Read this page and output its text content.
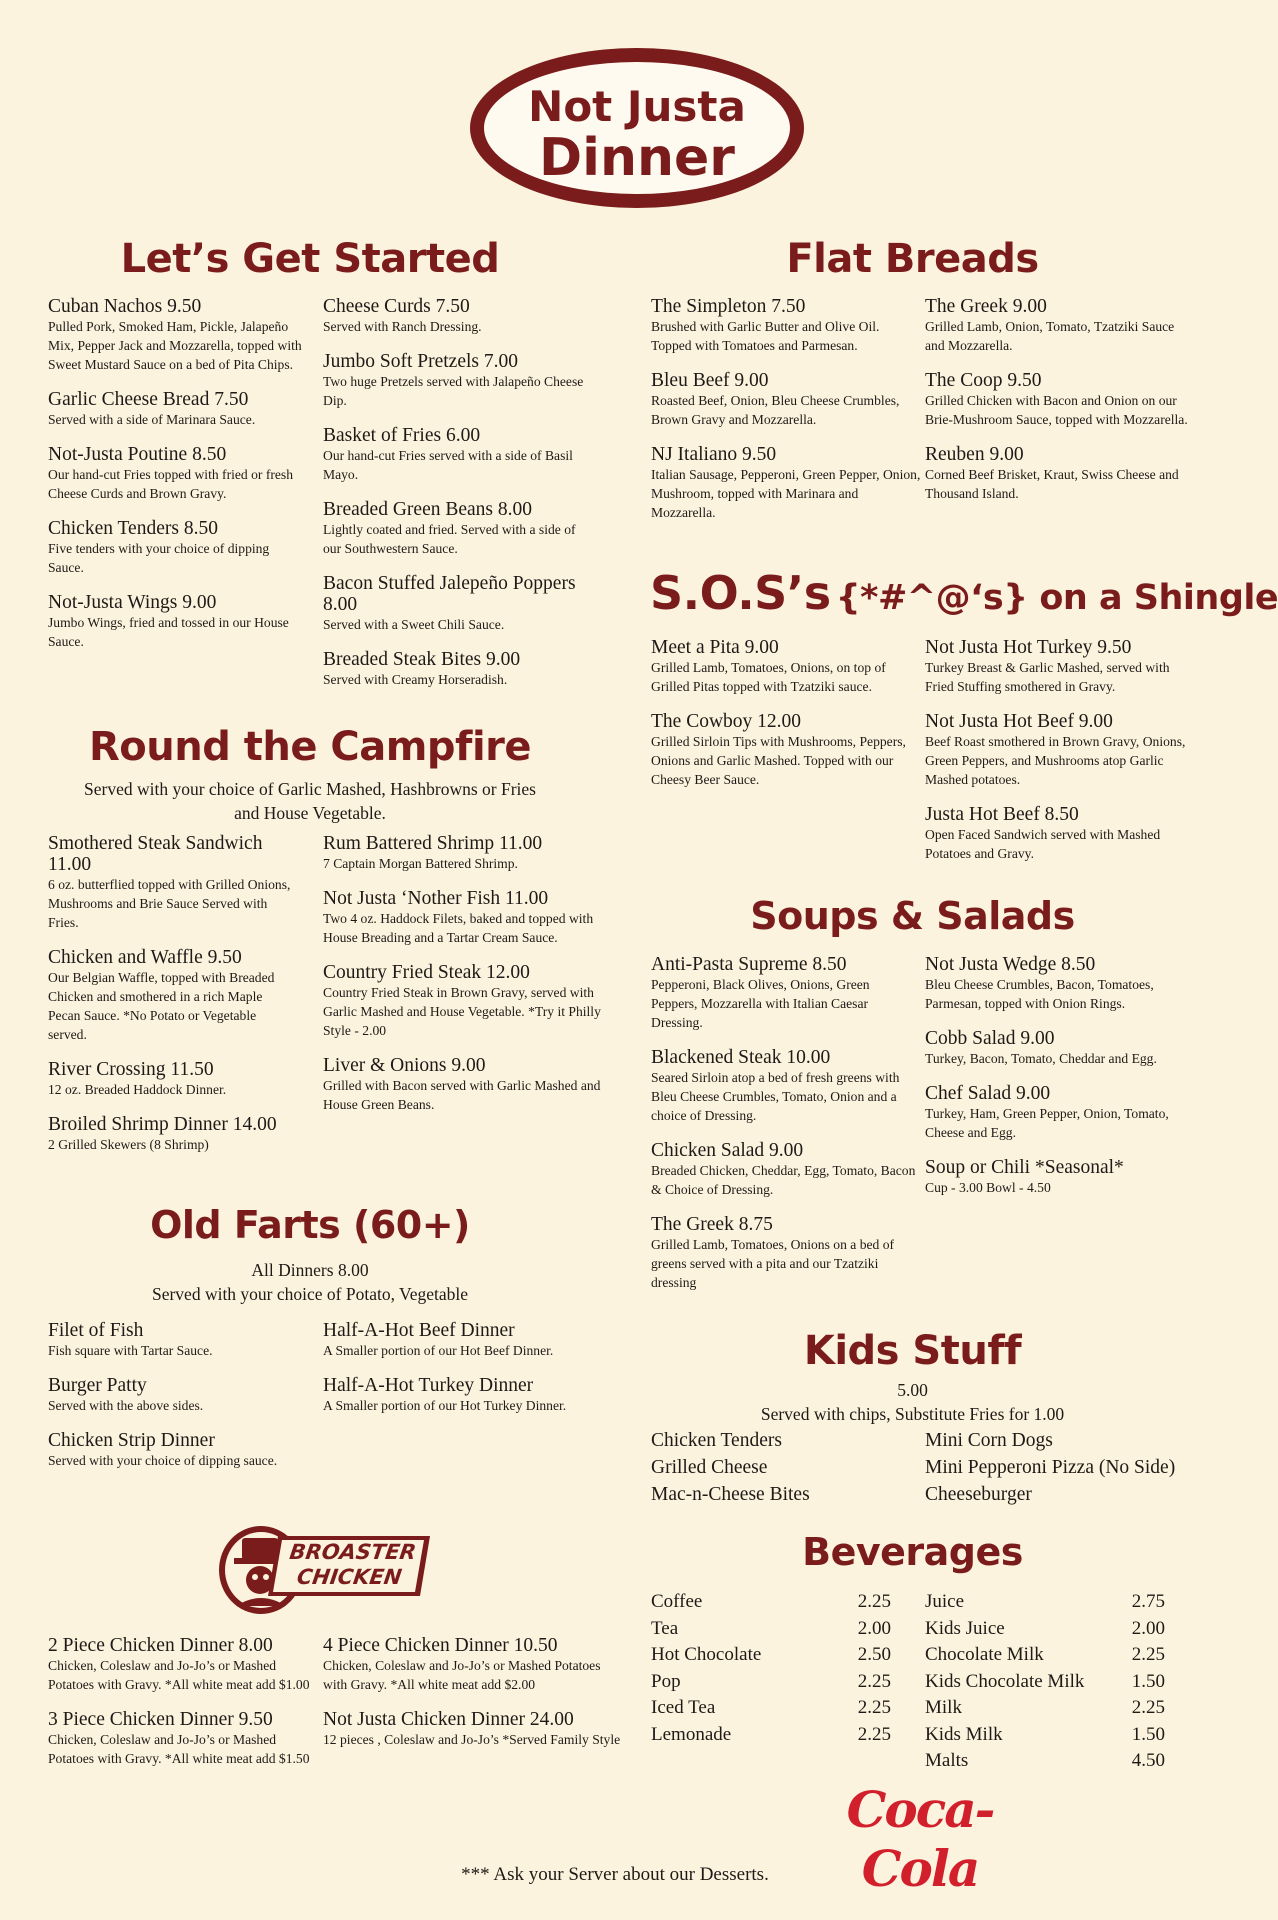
Not Justa
Dinner
Let’s Get Started
Cuban Nachos 9.50
Pulled Pork, Smoked Ham, Pickle, Jalapeño Mix, Pepper Jack and Mozzarella, topped with Sweet Mustard Sauce on a bed of Pita Chips.
Garlic Cheese Bread 7.50
Served with a side of Marinara Sauce.
Not-Justa Poutine 8.50
Our hand-cut Fries topped with fried or fresh Cheese Curds and Brown Gravy.
Chicken Tenders 8.50
Five tenders with your choice of dipping Sauce.
Not-Justa Wings 9.00
Jumbo Wings, fried and tossed in our House Sauce.
Cheese Curds 7.50
Served with Ranch Dressing.
Jumbo Soft Pretzels 7.00
Two huge Pretzels served with Jalapeño Cheese Dip.
Basket of Fries 6.00
Our hand-cut Fries served with a side of Basil Mayo.
Breaded Green Beans 8.00
Lightly coated and fried. Served with a side of our Southwestern Sauce.
Bacon Stuffed Jalepeño Poppers 8.00
Served with a Sweet Chili Sauce.
Breaded Steak Bites 9.00
Served with Creamy Horseradish.
Round the Campfire
Served with your choice of Garlic Mashed, Hashbrowns or Fries
and House Vegetable.
Smothered Steak Sandwich 11.00
6 oz. butterflied topped with Grilled Onions, Mushrooms and Brie Sauce Served with Fries.
Chicken and Waffle 9.50
Our Belgian Waffle, topped with Breaded Chicken and smothered in a rich Maple Pecan Sauce. *No Potato or Vegetable served.
River Crossing 11.50
12 oz. Breaded Haddock Dinner.
Broiled Shrimp Dinner 14.00
2 Grilled Skewers (8 Shrimp)
Rum Battered Shrimp 11.00
7 Captain Morgan Battered Shrimp.
Not Justa ‘Nother Fish 11.00
Two 4 oz. Haddock Filets, baked and topped with House Breading and a Tartar Cream Sauce.
Country Fried Steak 12.00
Country Fried Steak in Brown Gravy, served with Garlic Mashed and House Vegetable. *Try it Philly Style - 2.00
Liver & Onions 9.00
Grilled with Bacon served with Garlic Mashed and House Green Beans.
Old Farts (60+)
All Dinners 8.00
Served with your choice of Potato, Vegetable
Filet of Fish
Fish square with Tartar Sauce.
Burger Patty
Served with the above sides.
Chicken Strip Dinner
Served with your choice of dipping sauce.
Half-A-Hot Beef Dinner
A Smaller portion of our Hot Beef Dinner.
Half-A-Hot Turkey Dinner
A Smaller portion of our Hot Turkey Dinner.
BROASTER CHICKEN
2 Piece Chicken Dinner 8.00
Chicken, Coleslaw and Jo-Jo’s or Mashed Potatoes with Gravy. *All white meat add $1.00
3 Piece Chicken Dinner 9.50
Chicken, Coleslaw and Jo-Jo’s or Mashed Potatoes with Gravy. *All white meat add $1.50
4 Piece Chicken Dinner 10.50
Chicken, Coleslaw and Jo-Jo’s or Mashed Potatoes with Gravy. *All white meat add $2.00
Not Justa Chicken Dinner 24.00
12 pieces , Coleslaw and Jo-Jo’s *Served Family Style
Flat Breads
The Simpleton 7.50
Brushed with Garlic Butter and Olive Oil. Topped with Tomatoes and Parmesan.
Bleu Beef 9.00
Roasted Beef, Onion, Bleu Cheese Crumbles, Brown Gravy and Mozzarella.
NJ Italiano 9.50
Italian Sausage, Pepperoni, Green Pepper, Onion, Mushroom, topped with Marinara and Mozzarella.
The Greek 9.00
Grilled Lamb, Onion, Tomato, Tzatziki Sauce and Mozzarella.
The Coop 9.50
Grilled Chicken with Bacon and Onion on our Brie-Mushroom Sauce, topped with Mozzarella.
Reuben 9.00
Corned Beef Brisket, Kraut, Swiss Cheese and Thousand Island.
S.O.S’s {*#^@‘s} on a Shingle
Meet a Pita 9.00
Grilled Lamb, Tomatoes, Onions, on top of Grilled Pitas topped with Tzatziki sauce.
The Cowboy 12.00
Grilled Sirloin Tips with Mushrooms, Peppers, Onions and Garlic Mashed. Topped with our Cheesy Beer Sauce.
Not Justa Hot Turkey 9.50
Turkey Breast & Garlic Mashed, served with Fried Stuffing smothered in Gravy.
Not Justa Hot Beef 9.00
Beef Roast smothered in Brown Gravy, Onions, Green Peppers, and Mushrooms atop Garlic Mashed potatoes.
Justa Hot Beef 8.50
Open Faced Sandwich served with Mashed Potatoes and Gravy.
Soups & Salads
Anti-Pasta Supreme 8.50
Pepperoni, Black Olives, Onions, Green Peppers, Mozzarella with Italian Caesar Dressing.
Blackened Steak 10.00
Seared Sirloin atop a bed of fresh greens with Bleu Cheese Crumbles, Tomato, Onion and a choice of Dressing.
Chicken Salad 9.00
Breaded Chicken, Cheddar, Egg, Tomato, Bacon & Choice of Dressing.
The Greek 8.75
Grilled Lamb, Tomatoes, Onions on a bed of greens served with a pita and our Tzatziki dressing
Not Justa Wedge 8.50
Bleu Cheese Crumbles, Bacon, Tomatoes, Parmesan, topped with Onion Rings.
Cobb Salad 9.00
Turkey, Bacon, Tomato, Cheddar and Egg.
Chef Salad 9.00
Turkey, Ham, Green Pepper, Onion, Tomato, Cheese and Egg.
Soup or Chili *Seasonal*
Cup - 3.00 Bowl - 4.50
Kids Stuff
5.00
Served with chips, Substitute Fries for 1.00
Chicken Tenders
Grilled Cheese
Mac-n-Cheese Bites
Mini Corn Dogs
Mini Pepperoni Pizza (No Side)
Cheeseburger
Beverages
Coffee	2.25
Tea	2.00
Hot Chocolate	2.50
Pop	2.25
Iced Tea	2.25
Lemonade	2.25
Juice	2.75
Kids Juice	2.00
Chocolate Milk	2.25
Kids Chocolate Milk 1.50
Milk	2.25
Kids Milk	1.50
Malts	4.50
Coca-Cola
*** Ask your Server about our Desserts.
